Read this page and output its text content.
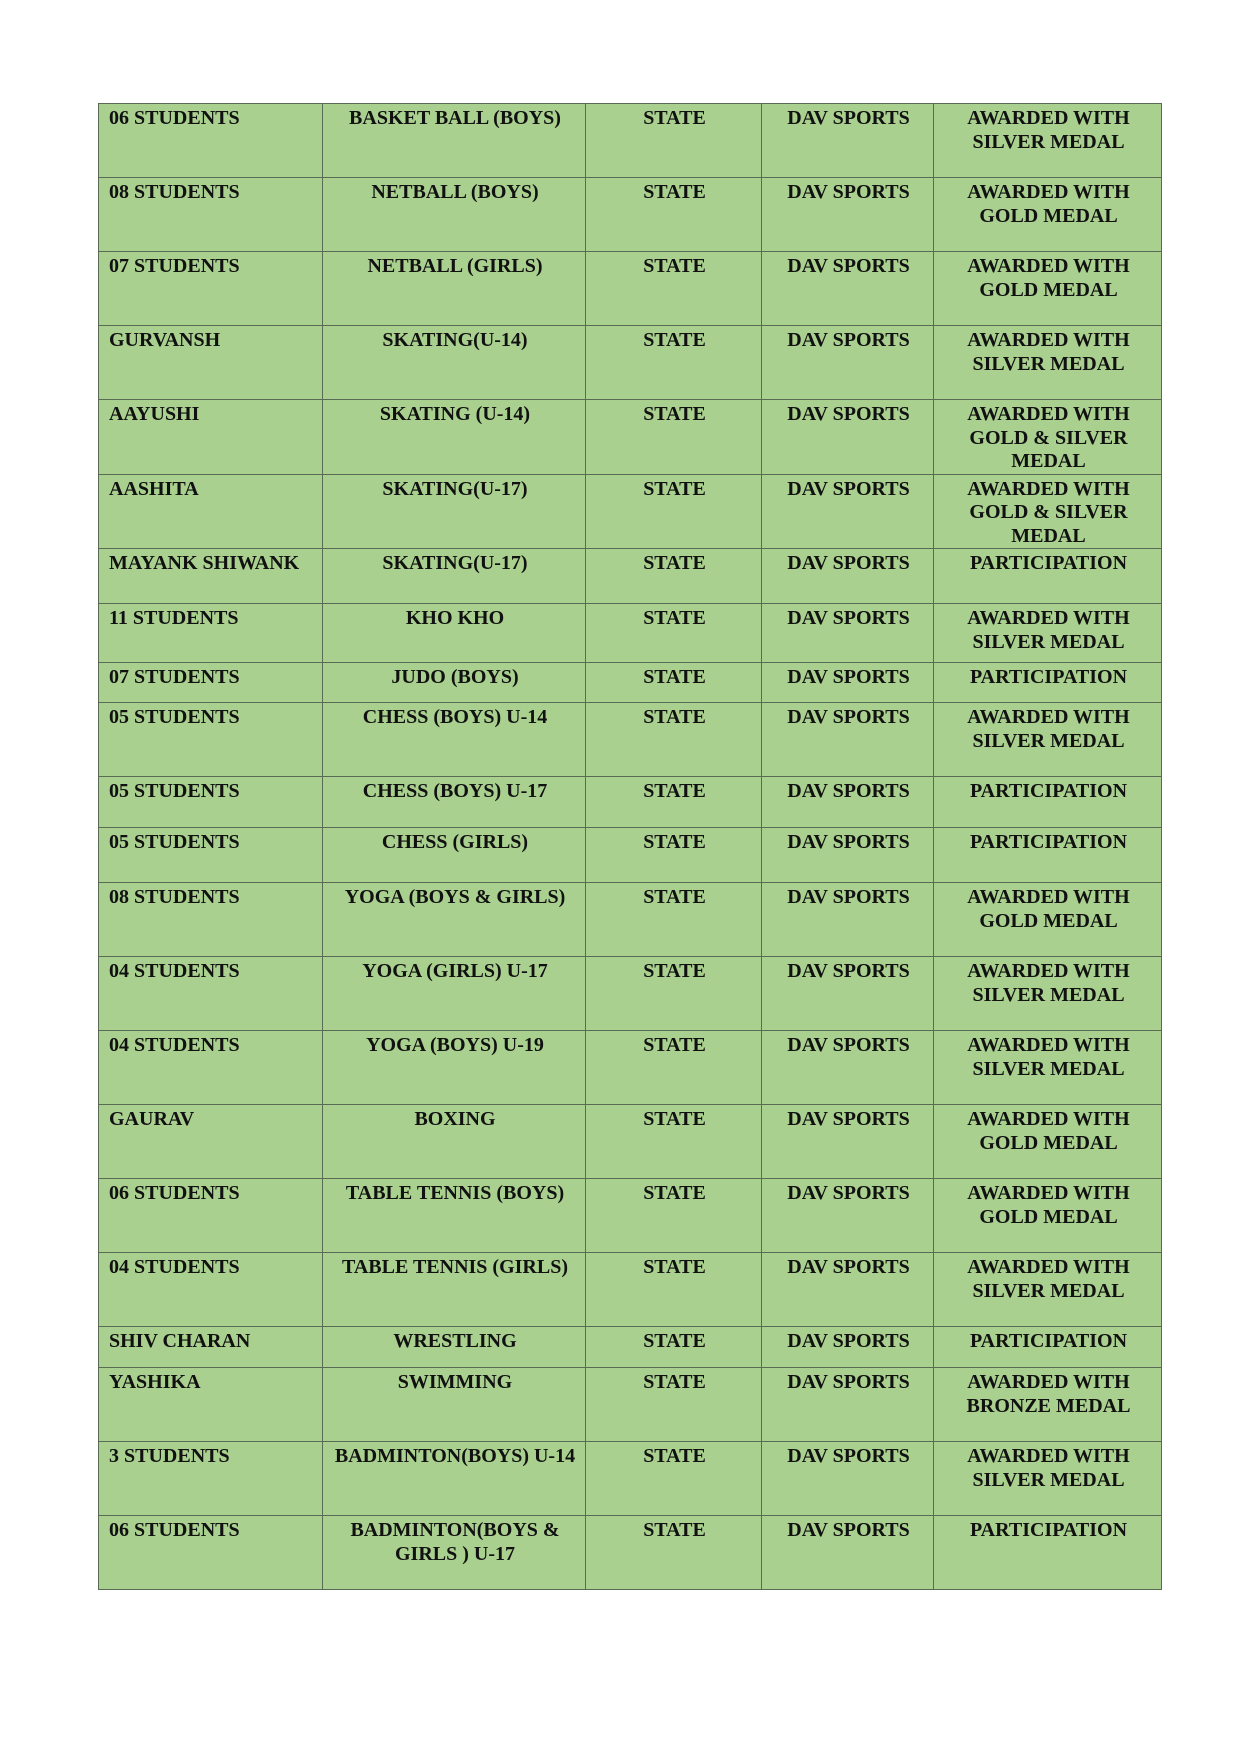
06 STUDENTS	BASKET BALL (BOYS)	STATE	DAV SPORTS	AWARDED WITH SILVER MEDAL
08 STUDENTS	NETBALL (BOYS)	STATE	DAV SPORTS	AWARDED WITH GOLD MEDAL
07 STUDENTS	NETBALL (GIRLS)	STATE	DAV SPORTS	AWARDED WITH GOLD MEDAL
GURVANSH	SKATING(U-14)	STATE	DAV SPORTS	AWARDED WITH SILVER MEDAL
AAYUSHI	SKATING (U-14)	STATE	DAV SPORTS	AWARDED WITH GOLD & SILVER MEDAL
AASHITA	SKATING(U-17)	STATE	DAV SPORTS	AWARDED WITH GOLD & SILVER MEDAL
MAYANK SHIWANK	SKATING(U-17)	STATE	DAV SPORTS	PARTICIPATION
11 STUDENTS	KHO KHO	STATE	DAV SPORTS	AWARDED WITH SILVER MEDAL
07 STUDENTS	JUDO (BOYS)	STATE	DAV SPORTS	PARTICIPATION
05 STUDENTS	CHESS (BOYS) U-14	STATE	DAV SPORTS	AWARDED WITH SILVER MEDAL
05 STUDENTS	CHESS (BOYS) U-17	STATE	DAV SPORTS	PARTICIPATION
05 STUDENTS	CHESS (GIRLS)	STATE	DAV SPORTS	PARTICIPATION
08 STUDENTS	YOGA (BOYS & GIRLS)	STATE	DAV SPORTS	AWARDED WITH GOLD MEDAL
04 STUDENTS	YOGA (GIRLS) U-17	STATE	DAV SPORTS	AWARDED WITH SILVER MEDAL
04 STUDENTS	YOGA (BOYS) U-19	STATE	DAV SPORTS	AWARDED WITH SILVER MEDAL
GAURAV	BOXING	STATE	DAV SPORTS	AWARDED WITH GOLD MEDAL
06 STUDENTS	TABLE TENNIS (BOYS)	STATE	DAV SPORTS	AWARDED WITH GOLD MEDAL
04 STUDENTS	TABLE TENNIS (GIRLS)	STATE	DAV SPORTS	AWARDED WITH SILVER MEDAL
SHIV CHARAN	WRESTLING	STATE	DAV SPORTS	PARTICIPATION
YASHIKA	SWIMMING	STATE	DAV SPORTS	AWARDED WITH BRONZE MEDAL
3 STUDENTS	BADMINTON(BOYS) U-14	STATE	DAV SPORTS	AWARDED WITH SILVER MEDAL
06 STUDENTS	BADMINTON(BOYS & GIRLS ) U-17	STATE	DAV SPORTS	PARTICIPATION
